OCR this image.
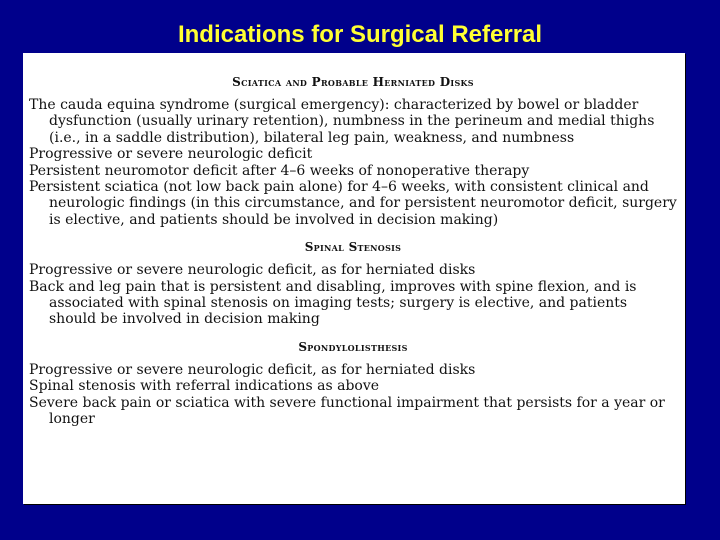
Indications for Surgical Referral
Sciatica and Probable Herniated Disks

The cauda equina syndrome (surgical emergency): characterized by bowel or bladder dysfunction (usually urinary retention), numbness in the perineum and medial thighs (i.e., in a saddle distribution), bilateral leg pain, weakness, and numbness

Progressive or severe neurologic deficit

Persistent neuromotor deficit after 4–6 weeks of nonoperative therapy

Persistent sciatica (not low back pain alone) for 4–6 weeks, with consistent clinical and neurologic findings (in this circumstance, and for persistent neuromotor deficit, surgery is elective, and patients should be involved in decision making)

Spinal Stenosis

Progressive or severe neurologic deficit, as for herniated disks

Back and leg pain that is persistent and disabling, improves with spine flexion, and is associated with spinal stenosis on imaging tests; surgery is elective, and patients should be involved in decision making

Spondylolisthesis

Progressive or severe neurologic deficit, as for herniated disks

Spinal stenosis with referral indications as above

Severe back pain or sciatica with severe functional impairment that persists for a year or longer
